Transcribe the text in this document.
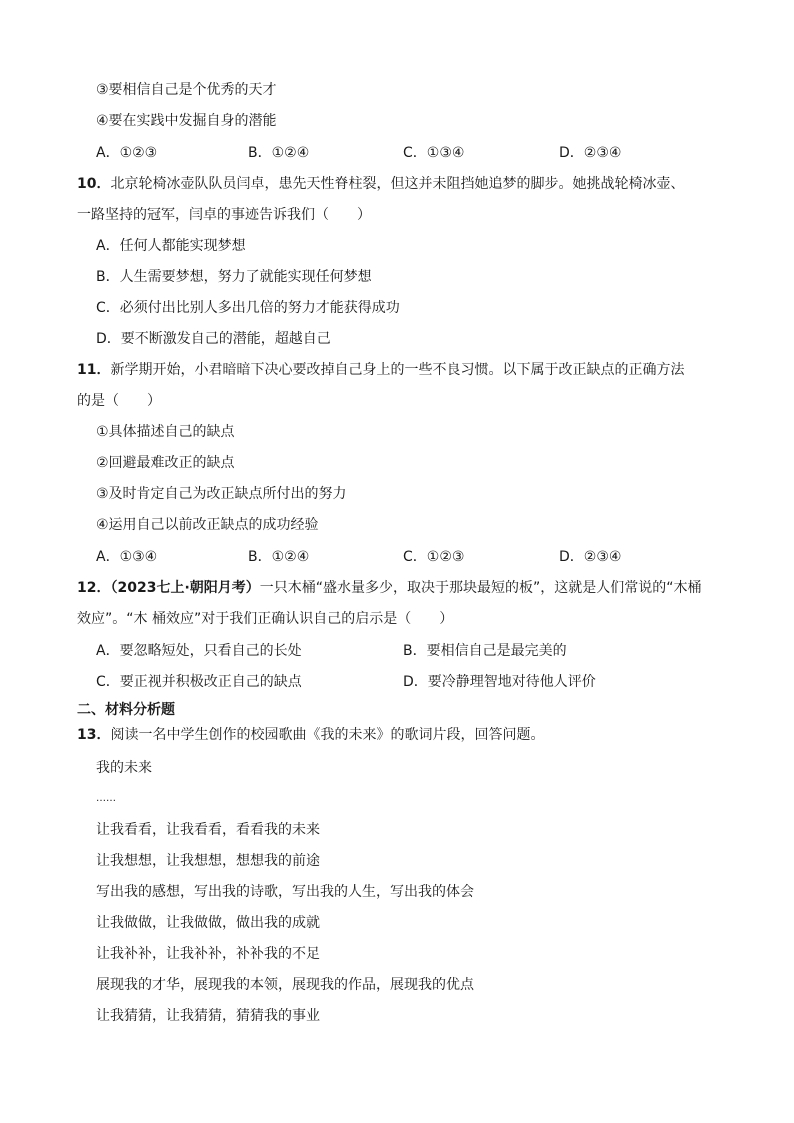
③要相信自己是个优秀的天才
④要在实践中发掘自身的潜能
A．①②③	B．①②④	C．①③④	D．②③④
10．北京轮椅冰壶队队员闫卓，患先天性脊柱裂，但这并未阻挡她追梦的脚步。她挑战轮椅冰壶、
一路坚持的冠军，闫卓的事迹告诉我们（　　）
A．任何人都能实现梦想
B．人生需要梦想，努力了就能实现任何梦想
C．必须付出比别人多出几倍的努力才能获得成功
D．要不断激发自己的潜能，超越自己
11．新学期开始，小君暗暗下决心要改掉自己身上的一些不良习惯。以下属于改正缺点的正确方法
的是（　　）
①具体描述自己的缺点
②回避最难改正的缺点
③及时肯定自己为改正缺点所付出的努力
④运用自己以前改正缺点的成功经验
A．①③④	B．①②④	C．①②③	D．②③④
12．（2023七上·朝阳月考）一只木桶“盛水量多少，取决于那块最短的板”，这就是人们常说的“木桶
效应”。“木 桶效应”对于我们正确认识自己的启示是（　　）
A．要忽略短处，只看自己的长处	B．要相信自己是最完美的
C．要正视并积极改正自己的缺点	D．要冷静理智地对待他人评价
二、材料分析题
13．阅读一名中学生创作的校园歌曲《我的未来》的歌词片段，回答问题。
我的未来
……
让我看看，让我看看，看看我的未来
让我想想，让我想想，想想我的前途
写出我的感想，写出我的诗歌，写出我的人生，写出我的体会
让我做做，让我做做，做出我的成就
让我补补，让我补补，补补我的不足
展现我的才华，展现我的本领，展现我的作品，展现我的优点
让我猜猜，让我猜猜，猜猜我的事业
